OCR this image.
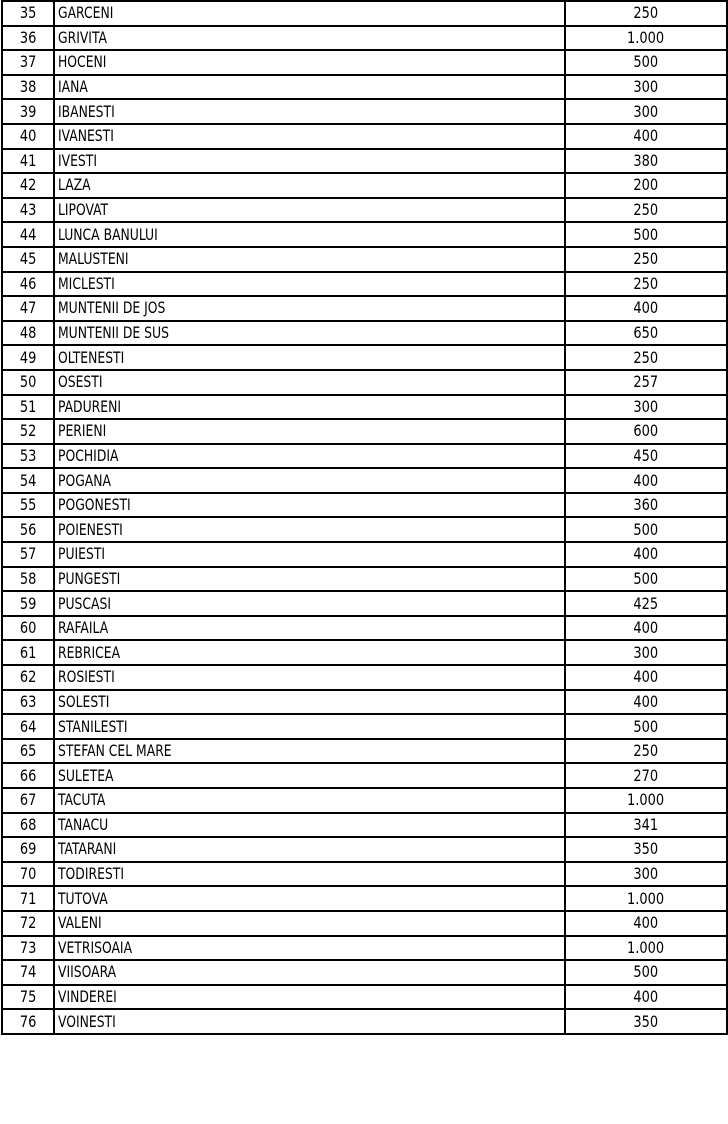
35	GARCENI	250
36	GRIVITA	1.000
37	HOCENI	500
38	IANA	300
39	IBANESTI	300
40	IVANESTI	400
41	IVESTI	380
42	LAZA	200
43	LIPOVAT	250
44	LUNCA BANULUI	500
45	MALUSTENI	250
46	MICLESTI	250
47	MUNTENII DE JOS	400
48	MUNTENII DE SUS	650
49	OLTENESTI	250
50	OSESTI	257
51	PADURENI	300
52	PERIENI	600
53	POCHIDIA	450
54	POGANA	400
55	POGONESTI	360
56	POIENESTI	500
57	PUIESTI	400
58	PUNGESTI	500
59	PUSCASI	425
60	RAFAILA	400
61	REBRICEA	300
62	ROSIESTI	400
63	SOLESTI	400
64	STANILESTI	500
65	STEFAN CEL MARE	250
66	SULETEA	270
67	TACUTA	1.000
68	TANACU	341
69	TATARANI	350
70	TODIRESTI	300
71	TUTOVA	1.000
72	VALENI	400
73	VETRISOAIA	1.000
74	VIISOARA	500
75	VINDEREI	400
76	VOINESTI	350
